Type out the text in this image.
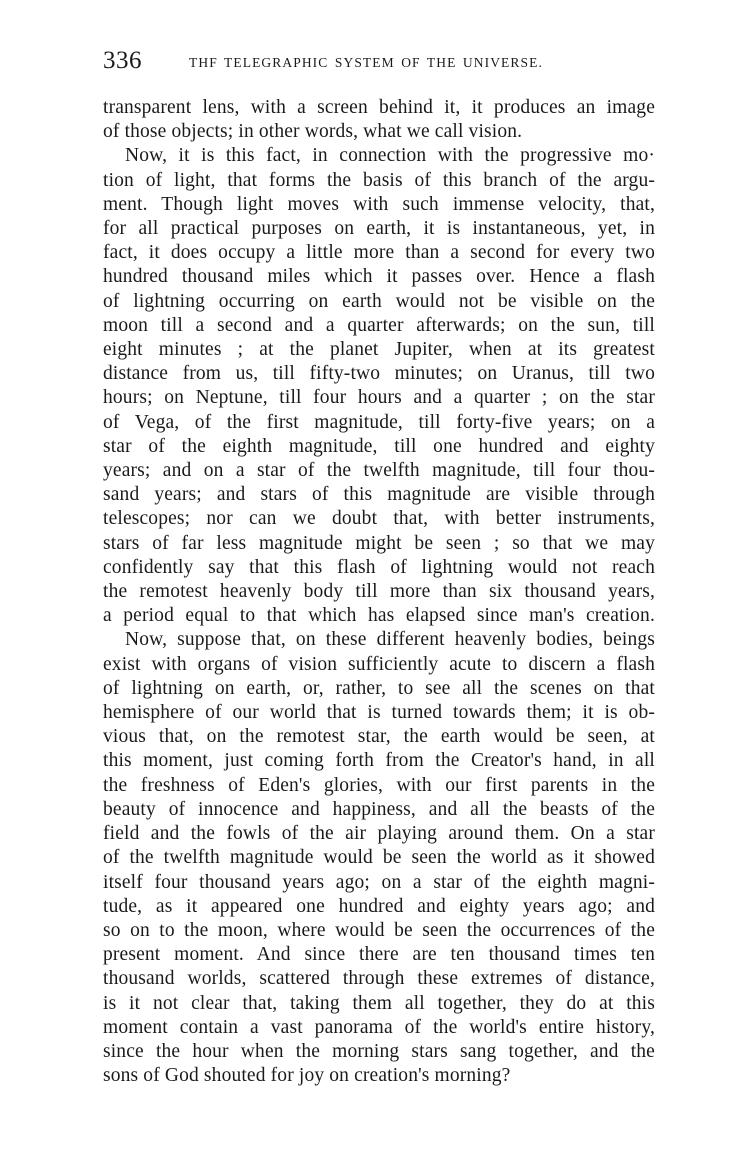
336	THF TELEGRAPHIC SYSTEM OF THE UNIVERSE.

transparent lens, with a screen behind it, it produces an image
of those objects; in other words, what we call vision.

Now, it is this fact, in connection with the progressive mo·
tion of light, that forms the basis of this branch of the argu-
ment. Though light moves with such immense velocity, that,
for all practical purposes on earth, it is instantaneous, yet, in
fact, it does occupy a little more than a second for every two
hundred thousand miles which it passes over. Hence a flash
of lightning occurring on earth would not be visible on the
moon till a second and a quarter afterwards; on the sun, till
eight minutes ; at the planet Jupiter, when at its greatest
distance from us, till fifty-two minutes; on Uranus, till two
hours; on Neptune, till four hours and a quarter ; on the star
of Vega, of the first magnitude, till forty-five years; on a
star of the eighth magnitude, till one hundred and eighty
years; and on a star of the twelfth magnitude, till four thou‑
sand years; and stars of this magnitude are visible through
telescopes; nor can we doubt that, with better instruments,
stars of far less magnitude might be seen ; so that we may
confidently say that this flash of lightning would not reach
the remotest heavenly body till more than six thousand years,
a period equal to that which has elapsed since man's creation.

Now, suppose that, on these different heavenly bodies, beings
exist with organs of vision sufficiently acute to discern a flash
of lightning on earth, or, rather, to see all the scenes on that
hemisphere of our world that is turned towards them; it is ob-
vious that, on the remotest star, the earth would be seen, at
this moment, just coming forth from the Creator's hand, in all
the freshness of Eden's glories, with our first parents in the
beauty of innocence and happiness, and all the beasts of the
field and the fowls of the air playing around them. On a star
of the twelfth magnitude would be seen the world as it showed
itself four thousand years ago; on a star of the eighth magni-
tude, as it appeared one hundred and eighty years ago; and
so on to the moon, where would be seen the occurrences of the
present moment. And since there are ten thousand times ten
thousand worlds, scattered through these extremes of distance,
is it not clear that, taking them all together, they do at this
moment contain a vast panorama of the world's entire history,
since the hour when the morning stars sang together, and the
sons of God shouted for joy on creation's morning?
